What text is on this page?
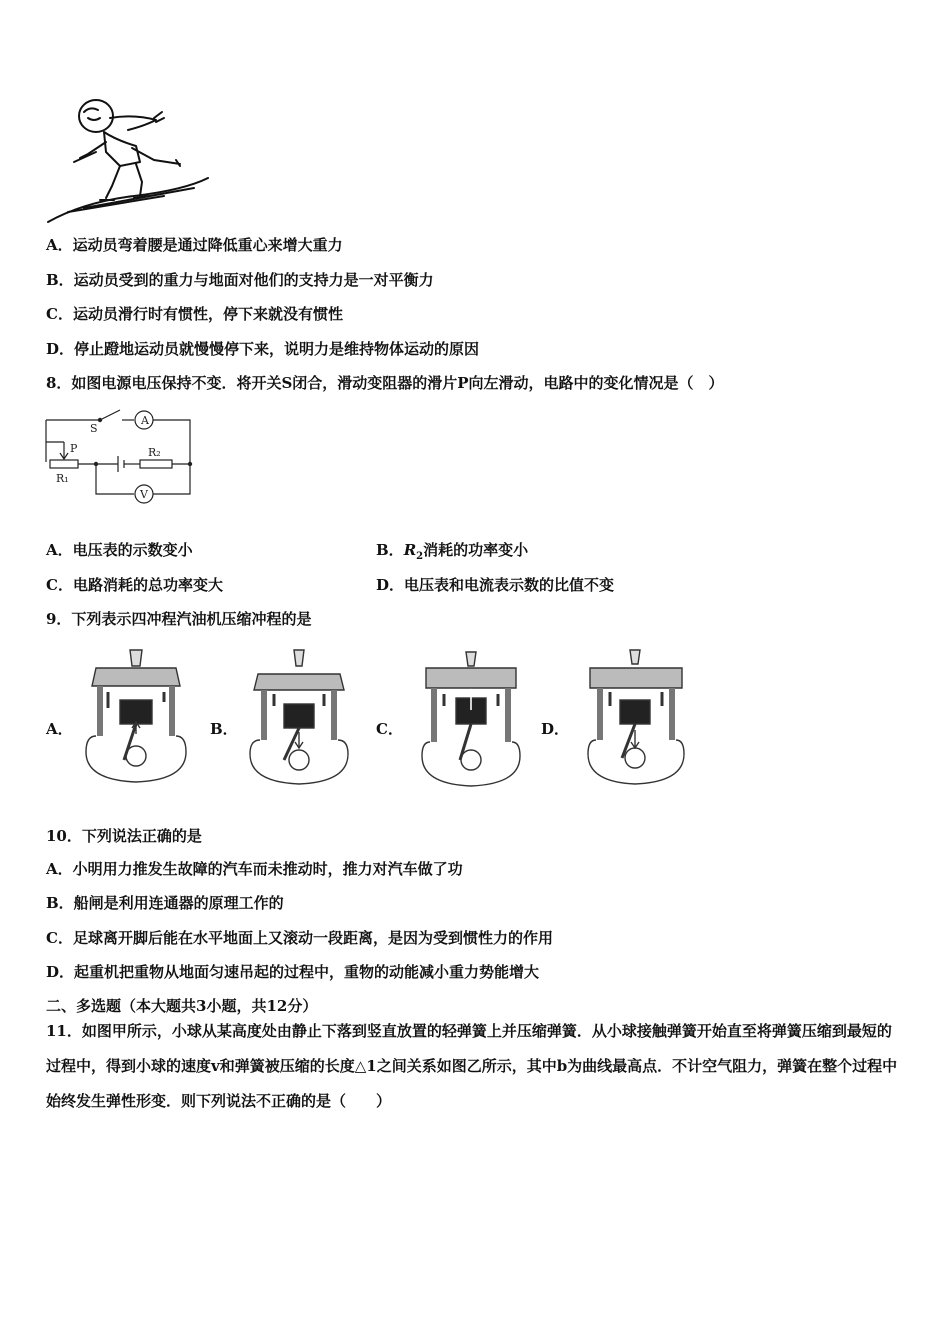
A．运动员弯着腰是通过降低重心来增大重力
B．运动员受到的重力与地面对他们的支持力是一对平衡力
C．运动员滑行时有惯性，停下来就没有惯性
D．停止蹬地运动员就慢慢停下来，说明力是维持物体运动的原因
8．如图电源电压保持不变．将开关S闭合，滑动变阻器的滑片P向左滑动，电路中的变化情况是（　）
A
V
S
P
R₁
R₂
A．电压表的示数变小	B．$R_2$消耗的功率变小
C．电路消耗的总功率变大	D．电压表和电流表示数的比值不变
9．下列表示四冲程汽油机压缩冲程的是
A．	B．	C．	D．
10．下列说法正确的是
A．小明用力推发生故障的汽车而未推动时，推力对汽车做了功
B．船闸是利用连通器的原理工作的
C．足球离开脚后能在水平地面上又滚动一段距离，是因为受到惯性力的作用
D．起重机把重物从地面匀速吊起的过程中，重物的动能减小重力势能增大
二、多选题（本大题共3小题，共12分）
11．如图甲所示，小球从某高度处由静止下落到竖直放置的轻弹簧上并压缩弹簧．从小球接触弹簧开始直至将弹簧压缩到最短的过程中，得到小球的速度v和弹簧被压缩的长度△1之间关系如图乙所示，其中b为曲线最高点．不计空气阻力，弹簧在整个过程中始终发生弹性形变．则下列说法不正确的是（　　）
